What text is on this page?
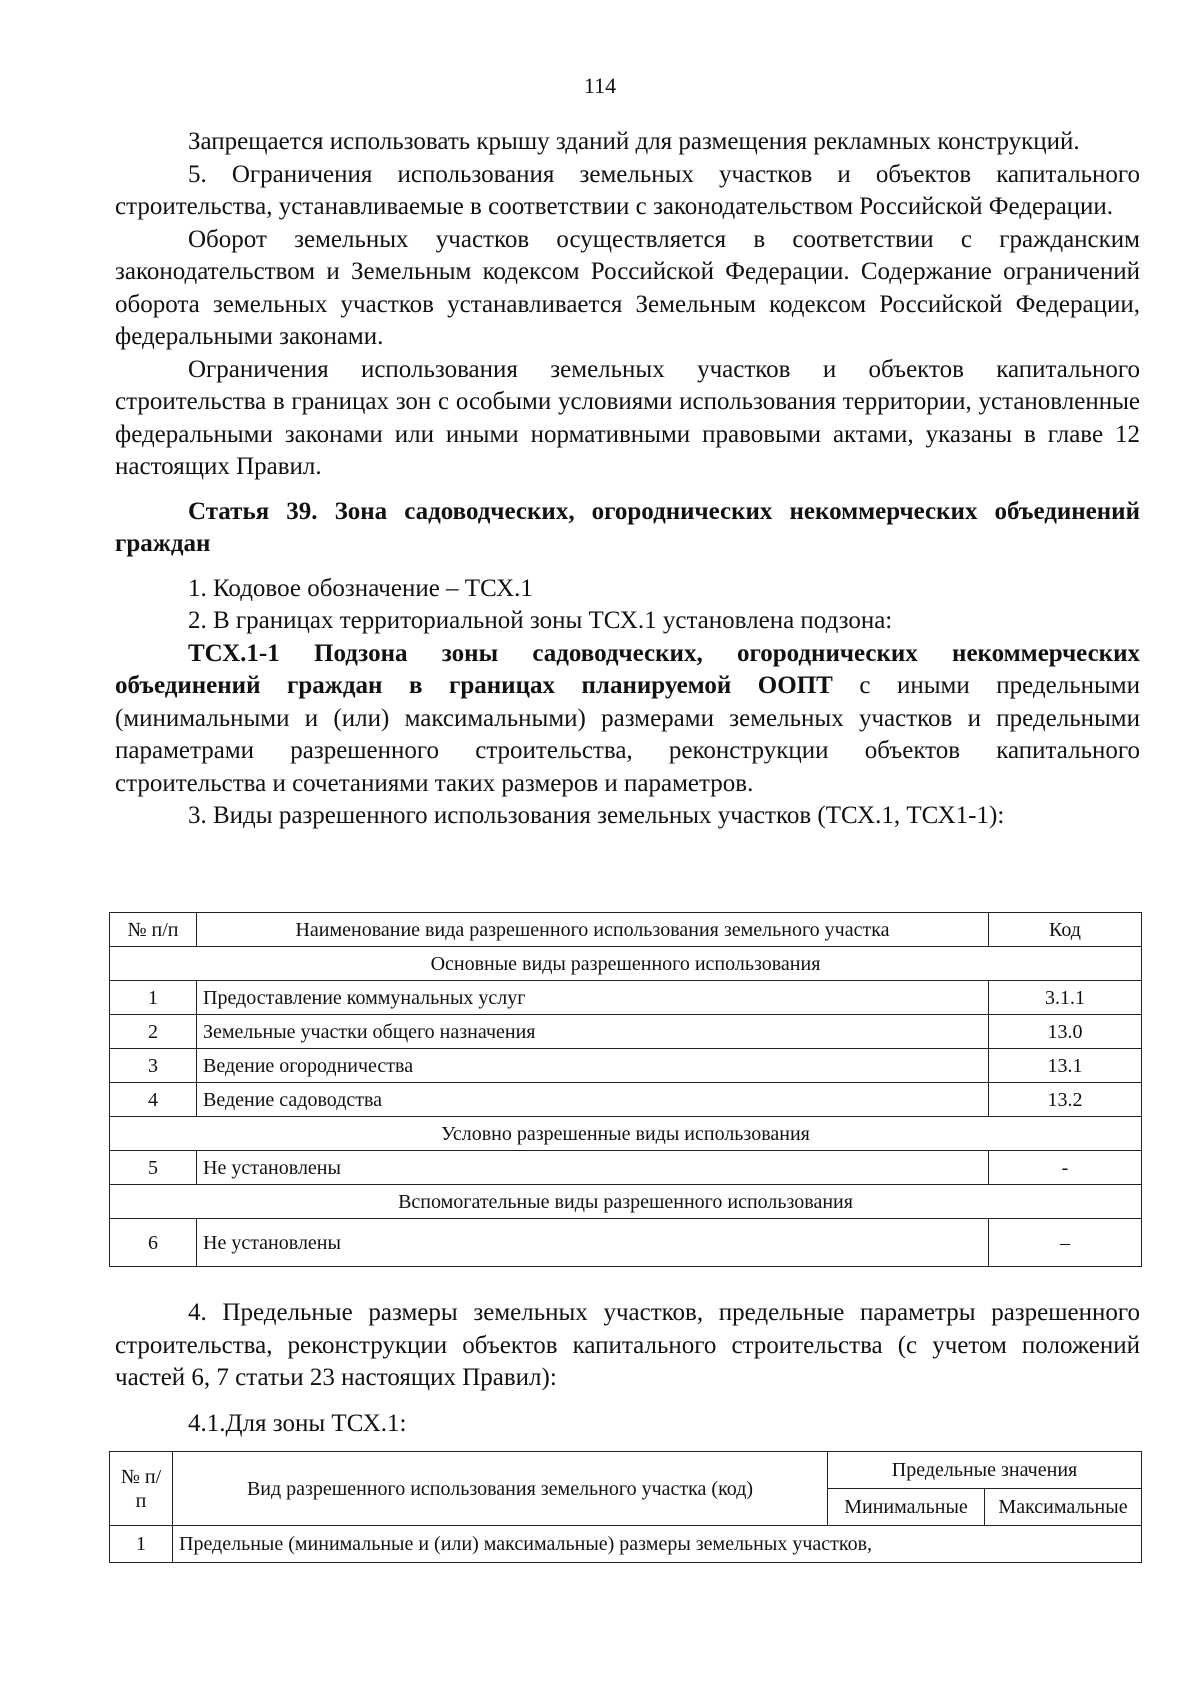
114

Запрещается использовать крышу зданий для размещения рекламных конструкций.

5. Ограничения использования земельных участков и объектов капитального строительства, устанавливаемые в соответствии с законодательством Российской Федерации.

Оборот земельных участков осуществляется в соответствии с гражданским законодательством и Земельным кодексом Российской Федерации. Содержание ограничений оборота земельных участков устанавливается Земельным кодексом Российской Федерации, федеральными законами.

Ограничения использования земельных участков и объектов капитального строительства в границах зон с особыми условиями использования территории, установленные федеральными законами или иными нормативными правовыми актами, указаны в главе 12 настоящих Правил.

Статья 39. Зона садоводческих, огороднических некоммерческих объединений граждан

1. Кодовое обозначение – ТСХ.1

2. В границах территориальной зоны ТСХ.1 установлена подзона:

ТСХ.1-1 Подзона зоны садоводческих, огороднических некоммерческих объединений граждан в границах планируемой ООПТ с иными предельными (минимальными и (или) максимальными) размерами земельных участков и предельными параметрами разрешенного строительства, реконструкции объектов капитального строительства и сочетаниями таких размеров и параметров.

3. Виды разрешенного использования земельных участков (ТСХ.1, ТСХ1-1):

№ п/п	Наименование вида разрешенного использования земельного участка	Код
Основные виды разрешенного использования		
1	Предоставление коммунальных услуг	3.1.1
2	Земельные участки общего назначения	13.0
3	Ведение огородничества	13.1
4	Ведение садоводства	13.2
Условно разрешенные виды использования		
5	Не установлены	-
Вспомогательные виды разрешенного использования		
6	Не установлены	–

4. Предельные размеры земельных участков, предельные параметры разрешенного строительства, реконструкции объектов капитального строительства (с учетом положений частей 6, 7 статьи 23 настоящих Правил):

4.1.Для зоны ТСХ.1:
№ п/п	Вид разрешенного использования земельного участка (код)	Предельные значения	
		Минимальные	Максимальные
1	Предельные (минимальные и (или) максимальные) размеры земельных участков,		
